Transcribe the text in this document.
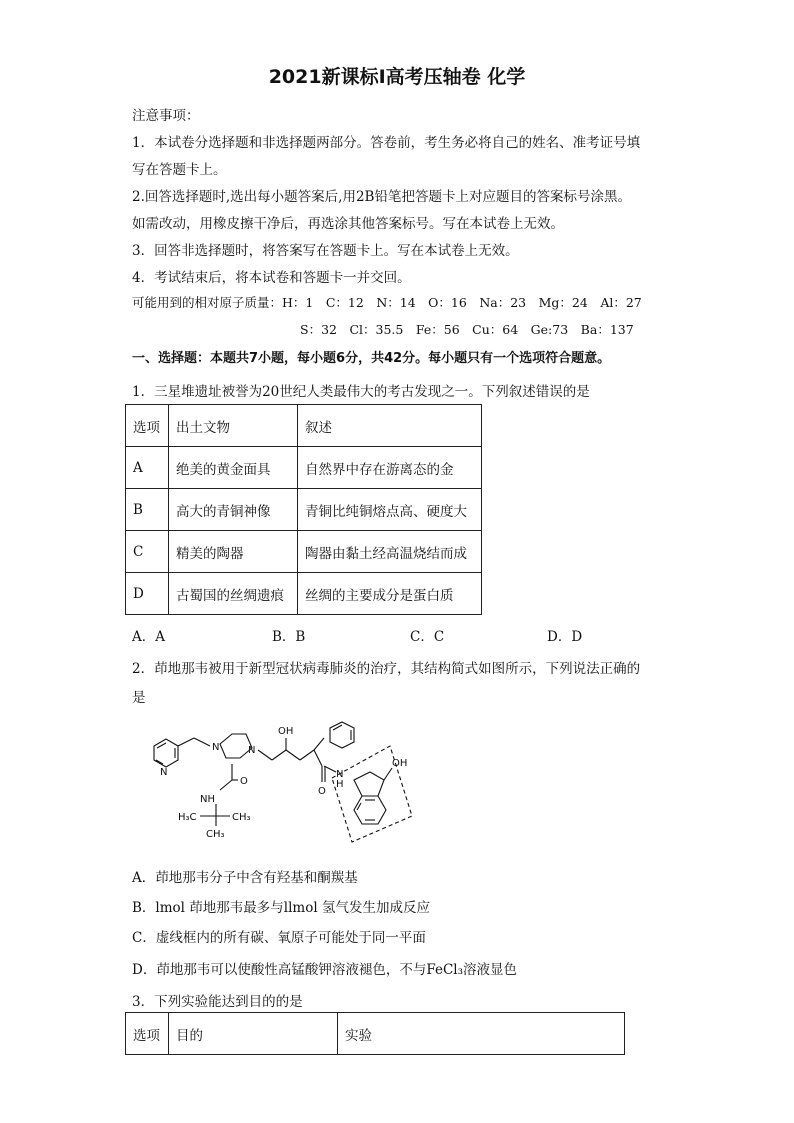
2021新课标Ⅰ高考压轴卷 化学
注意事项：
1．本试卷分选择题和非选择题两部分。答卷前，考生务必将自己的姓名、准考证号填
写在答题卡上。
2.回答选择题时,选出每小题答案后,用2B铅笔把答题卡上对应题目的答案标号涂黑。
如需改动，用橡皮擦干净后，再选涂其他答案标号。写在本试卷上无效。
3．回答非选择题时，将答案写在答题卡上。写在本试卷上无效。
4．考试结束后，将本试卷和答题卡一并交回。
可能用到的相对原子质量：H：1　C：12　N：14　O：16　Na：23　Mg：24　Al：27
S：32　Cl：35.5　Fe：56　Cu：64　Ge:73　Ba：137
一、选择题：本题共7小题，每小题6分，共42分。每小题只有一个选项符合题意。
1．三星堆遗址被誉为20世纪人类最伟大的考古发现之一。下列叙述错误的是
选项	出土文物	叙述
A	绝美的黄金面具	自然界中存在游离态的金
B	高大的青铜神像	青铜比纯铜熔点高、硬度大
C	精美的陶器	陶器由黏土经高温烧结而成
D	古蜀国的丝绸遗痕	丝绸的主要成分是蛋白质
A．A	B．B	C．C	D．D
2．茚地那韦被用于新型冠状病毒肺炎的治疗，其结构简式如图所示，下列说法正确的
是
N
N	N
O
NH
H₃C	CH₃
CH₃
OH
O
N
H
OH
A．茚地那韦分子中含有羟基和酮羰基
B．lmol 茚地那韦最多与llmol 氢气发生加成反应
C．虚线框内的所有碳、氧原子可能处于同一平面
D．茚地那韦可以使酸性高锰酸钾溶液褪色，不与FeCl₃溶液显色
3．下列实验能达到目的的是
选项	目的	实验
